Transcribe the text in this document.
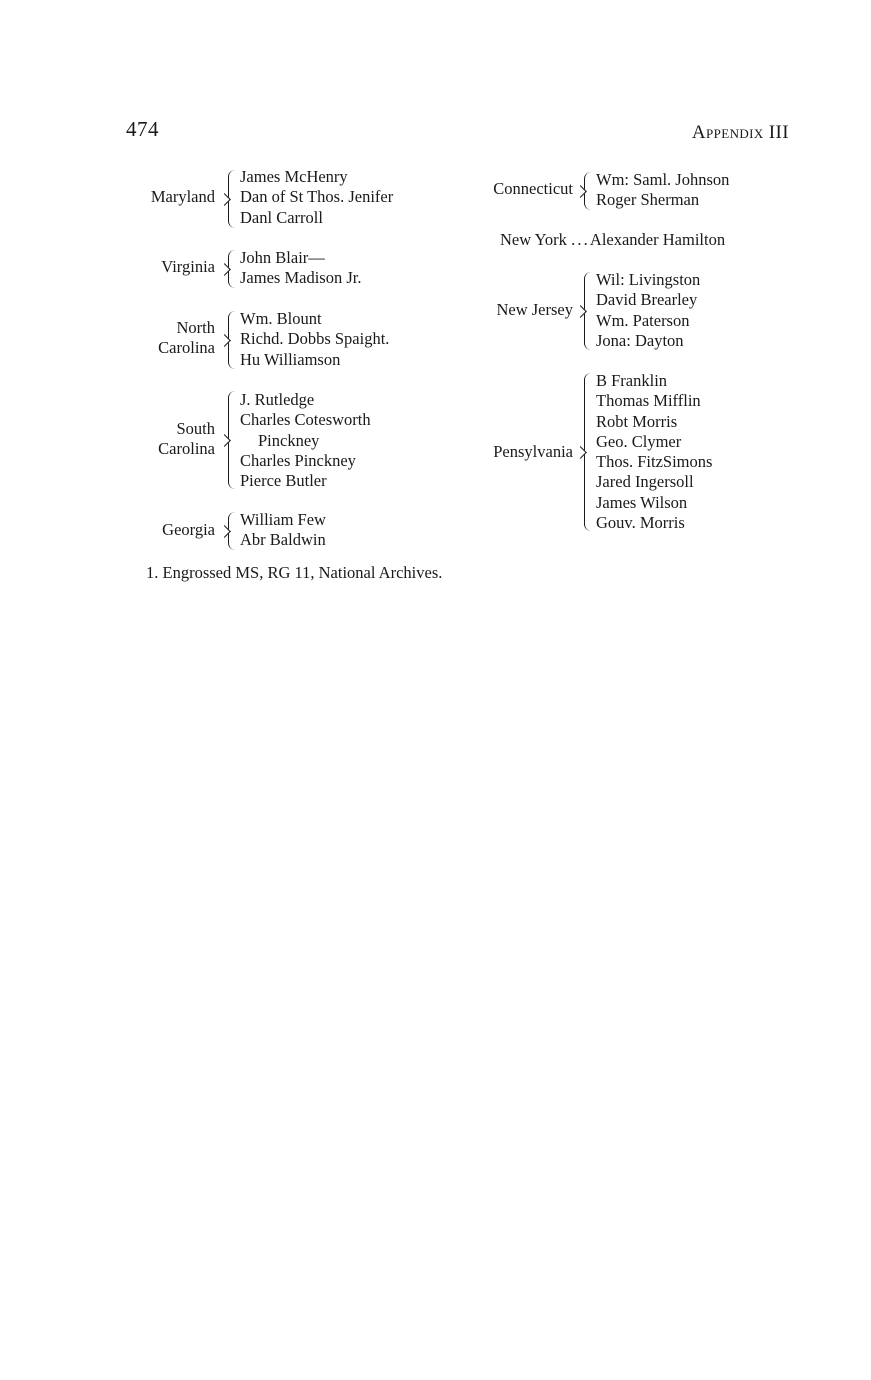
474	Appendix III
Maryland
James McHenry
Dan of St Thos. Jenifer
Danl Carroll
Virginia John Blair—
James Madison Jr.
North
Carolina
Wm. Blount
Richd. Dobbs Spaight.
Hu Williamson
South
Carolina
J. Rutledge
Charles Cotesworth
Pinckney
Charles Pinckney
Pierce Butler
Georgia
William Few
Abr Baldwin
Connecticut Wm: Saml. Johnson
Roger Sherman
New York . . . Alexander Hamilton
New Jersey
Wil: Livingston
David Brearley
Wm. Paterson
Jona: Dayton
Pensylvania
B Franklin
Thomas Mifflin
Robt Morris
Geo. Clymer
Thos. FitzSimons
Jared Ingersoll
James Wilson
Gouv. Morris
1. Engrossed MS, RG 11, National Archives.
